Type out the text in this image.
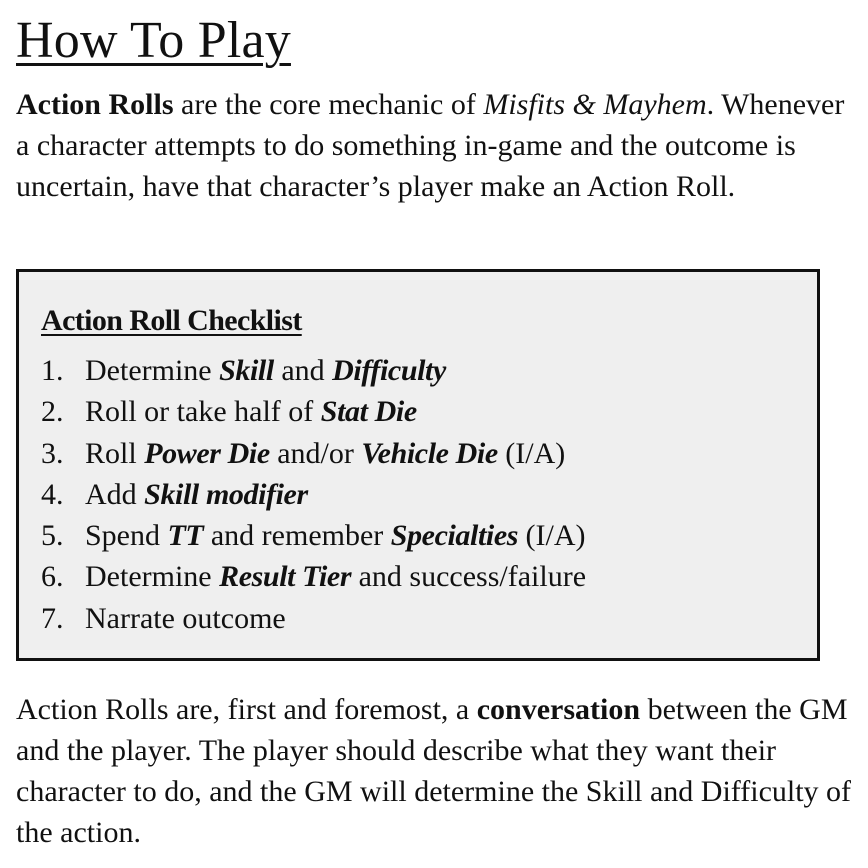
How To Play

Action Rolls are the core mechanic of Misfits & Mayhem. Whenever a character attempts to do something in-game and the outcome is uncertain, have that character’s player make an Action Roll.

Action Roll Checklist
1. Determine Skill and Difficulty
2. Roll or take half of Stat Die
3. Roll Power Die and/or Vehicle Die (I/A)
4. Add Skill modifier
5. Spend TT and remember Specialties (I/A)
6. Determine Result Tier and success/failure
7. Narrate outcome

Action Rolls are, first and foremost, a conversation between the GM and the player. The player should describe what they want their character to do, and the GM will determine the Skill and Difficulty of the action.
